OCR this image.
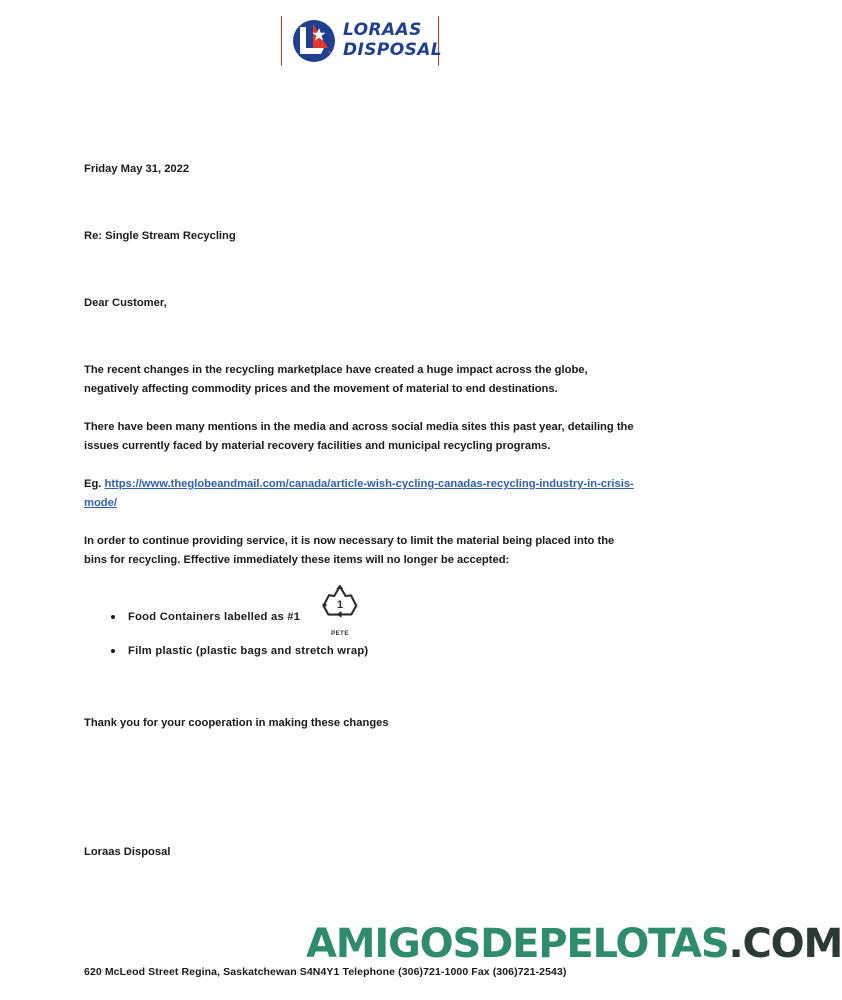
LORAAS
DISPOSAL

Friday May 31, 2022

Re: Single Stream Recycling

Dear Customer,

The recent changes in the recycling marketplace have created a huge impact across the globe, negatively affecting commodity prices and the movement of material to end destinations.

There have been many mentions in the media and across social media sites this past year, detailing the issues currently faced by material recovery facilities and municipal recycling programs.

Eg. https://www.theglobeandmail.com/canada/article-wish-cycling-canadas-recycling-industry-in-crisis-mode/

In order to continue providing service, it is now necessary to limit the material being placed into the bins for recycling. Effective immediately these items will no longer be accepted:

Food Containers labelled as #1
Film plastic (plastic bags and stretch wrap)

Thank you for your cooperation in making these changes

Loraas Disposal

1
PETE
AMIGOSDEPELOTAS.COM
620 McLeod Street Regina, Saskatchewan S4N4Y1 Telephone (306)721-1000 Fax (306)721-2543)
